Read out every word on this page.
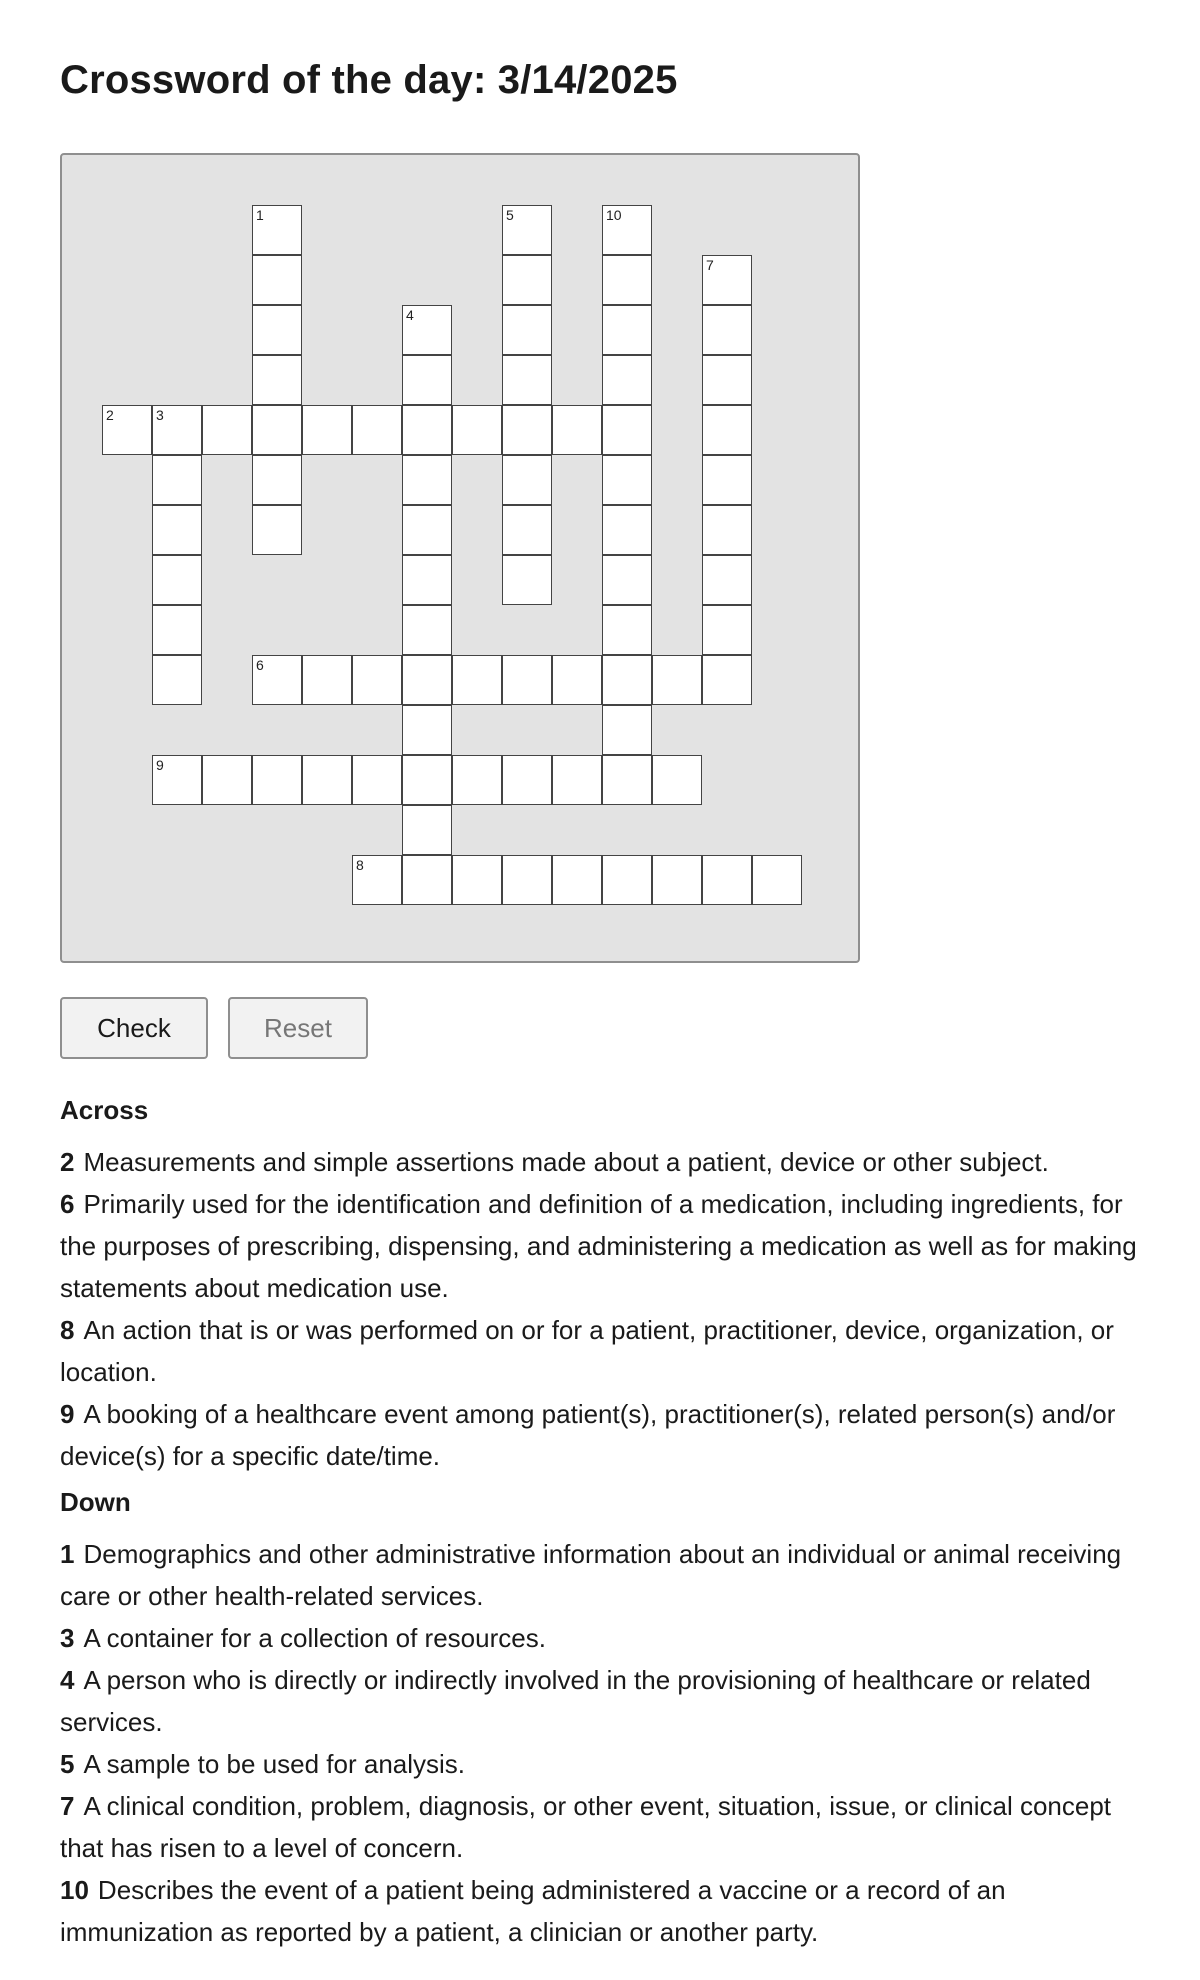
Crossword of the day: 3/14/2025
1	5	10
7
4
2	3
6
9
8
Check	Reset
Across
2 Measurements and simple assertions made about a patient, device or other subject.
6 Primarily used for the identification and definition of a medication, including ingredients, for the purposes of prescribing, dispensing, and administering a medication as well as for making statements about medication use.
8 An action that is or was performed on or for a patient, practitioner, device, organization, or location.
9 A booking of a healthcare event among patient(s), practitioner(s), related person(s) and/or device(s) for a specific date/time.
Down
1 Demographics and other administrative information about an individual or animal receiving care or other health-related services.
3 A container for a collection of resources.
4 A person who is directly or indirectly involved in the provisioning of healthcare or related services.
5 A sample to be used for analysis.
7 A clinical condition, problem, diagnosis, or other event, situation, issue, or clinical concept that has risen to a level of concern.
10 Describes the event of a patient being administered a vaccine or a record of an immunization as reported by a patient, a clinician or another party.
